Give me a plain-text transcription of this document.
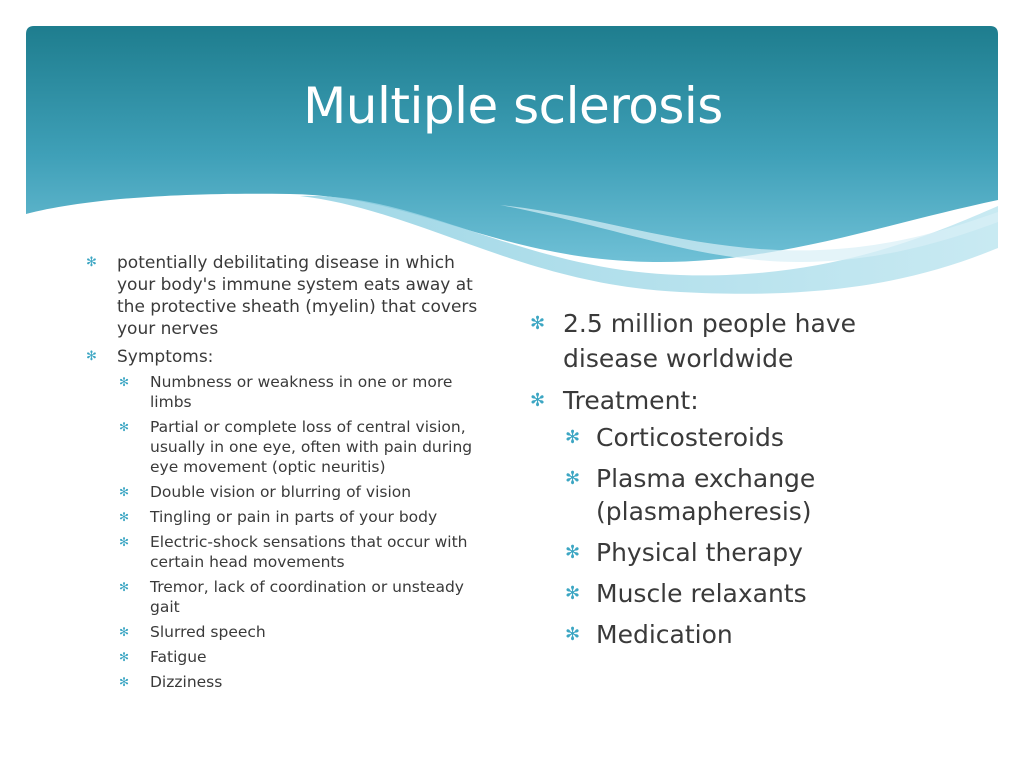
Multiple sclerosis
✻ potentially debilitating disease in which your body's immune system eats away at the protective sheath (myelin) that covers your nerves
✻ Symptoms:
✻ Numbness or weakness in one or more limbs
✻ Partial or complete loss of central vision, usually in one eye, often with pain during eye movement (optic neuritis)
✻ Double vision or blurring of vision
✻ Tingling or pain in parts of your body
✻ Electric-shock sensations that occur with certain head movements
✻ Tremor, lack of coordination or unsteady gait
✻ Slurred speech
✻ Fatigue
✻ Dizziness
✻ 2.5 million people have disease worldwide
✻ Treatment:
✻ Corticosteroids
✻ Plasma exchange (plasmapheresis)
✻ Physical therapy
✻ Muscle relaxants
✻ Medication
